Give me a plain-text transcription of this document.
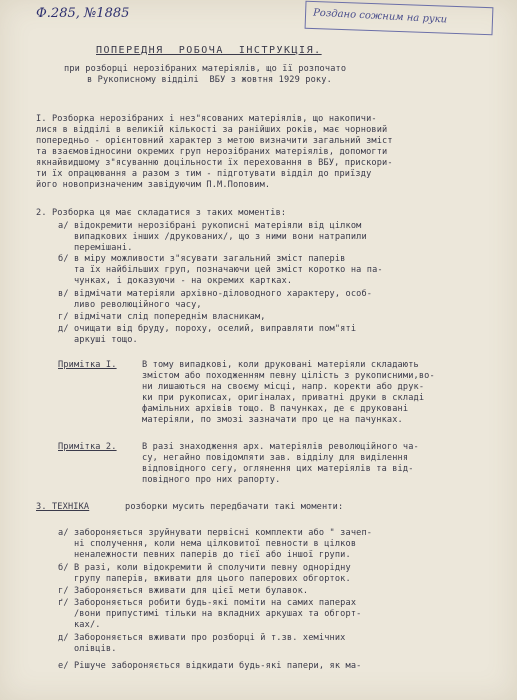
Ф.285, №1885	Роздано сожним на руки
ПОПЕРЕДНЯ  РОБОЧА  ІНСТРУКЦІЯ.
при розборці нерозібраних матеріялів, що її розпочато
в Рукописному відділі  ВБУ з жовтня 1929 року.
І. Розборка нерозібраних і нез"ясованих матеріялів, що накопичи-
лися в відділі в великій кількості за ранійших років, має чорновий
попередньо - орієнтовний характер з метою визначити загальний зміст
та взаємовідносини окремих груп нерозібраних матеріялів, допомогти
якнайвидшому з"ясуванню доцільности їх переховання в ВБУ, прискори-
ти їх опрацювання а разом з тим - підготувати відділ до приїзду
його новопризначеним завідуючим П.М.Поповим.
2. Розборка ця має складатися з таких моментів:
а/ відокремити нерозібрані рукописні матеріяли від цілком
випадкових інших /друкованих/, що з ними вони натрапили
перемішані.
б/ в міру можливости з"ясувати загальний зміст паперів
та їх найбільших груп, позначаючи цей зміст коротко на па-
чунках, і доказуючи - на окремих картках.
в/ відмічати матеріяли архівно-діловодного характеру, особ-
ливо революційного часу,
г/ відмічати слід попереднім власникам,
д/ очищати від бруду, пороху, оселий, виправляти пом"яті
аркуші тощо.
Примітка І.	В тому випадкові, коли друковані матеріяли складають
змістом або походженням певну цілість з рукописними,во-
ни лишаються на своєму місці, напр. коректи або друк-
ки при рукописах, оригіналах, приватні друки в складі
фамільних архівів тощо. В пачунках, де є друковані
матеріяли, по змозі зазначати про це на пачунках.
Примітка 2.	В разі знаходження арх. матеріялів революційного ча-
су, негайно повідомляти зав. відділу для виділення
відповідного сегу, оглянення цих матеріялів та від-
повідного про них рапорту.
3. ТЕХНІКА	розборки мусить передбачати такі моменти:
а/ забороняється зруйнувати первісні комплекти або " зачеп-
ні сполучення, коли нема цілковитої певности в цілков
неналежности певних паперів до тієї або іншої групи.
б/ В разі, коли відокремити й сполучити певну однорідну
групу паперів, вживати для цього паперових обгорток.
г/ Забороняється вживати для цієї мети булавок.
ґ/ Забороняється робити будь-які поміти на самих паперах
/вони припустимі тільки на вкладних аркушах та обгорт-
ках/.
д/ Забороняється вживати про розборці й т.зв. хемічних
олівців.
е/ Рішуче забороняється відкидати будь-які папери, як ма-
